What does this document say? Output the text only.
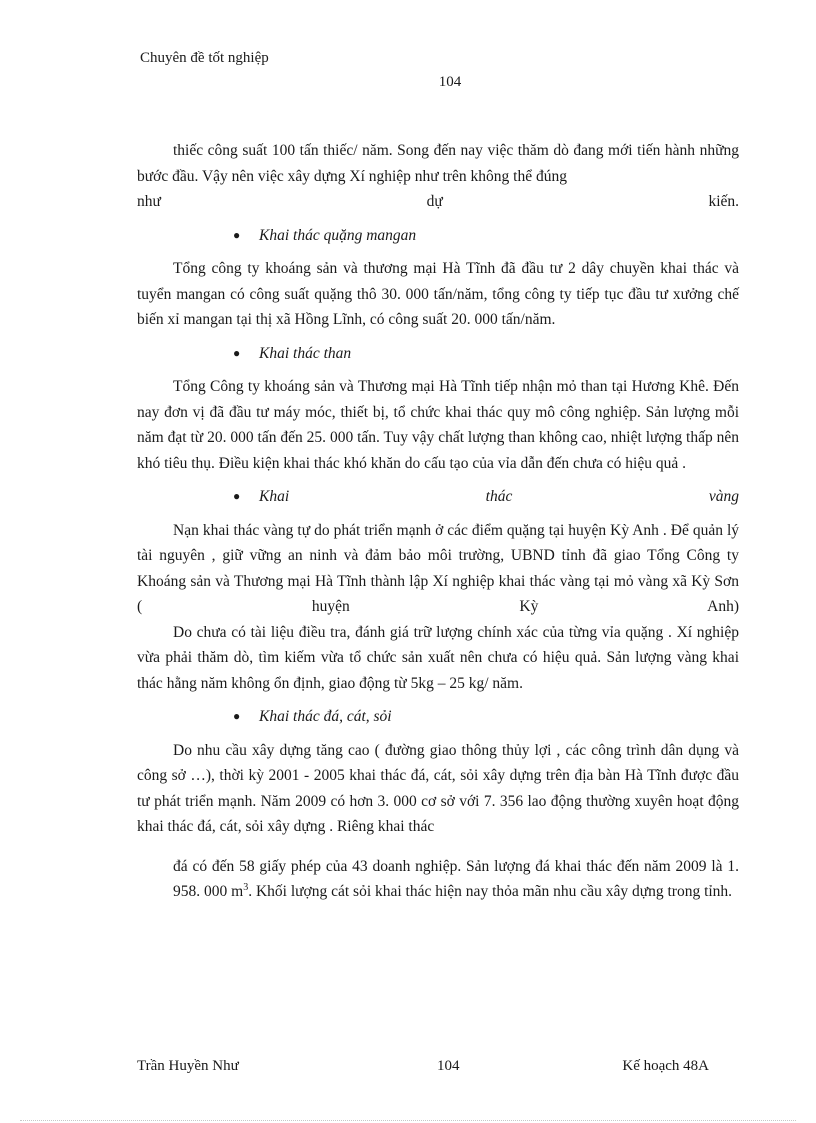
Chuyên đề tốt nghiệp
104

thiếc công suất 100 tấn thiếc/ năm. Song đến nay việc thăm dò đang mới tiến hành những bước đầu. Vậy nên việc xây dựng Xí nghiệp như trên không thể đúng

như	dự	kiến.
●	Khai thác quặng mangan

Tổng công ty khoáng sản và thương mại Hà Tĩnh đã đầu tư 2 dây chuyền khai thác và tuyển mangan có công suất quặng thô 30. 000 tấn/năm, tổng công ty tiếp tục đầu tư xưởng chế biến xỉ mangan tại thị xã Hồng Lĩnh, có công suất 20. 000 tấn/năm.

●	Khai thác than

Tổng Công ty khoáng sản và Thương mại Hà Tĩnh tiếp nhận mỏ than tại Hương Khê. Đến nay đơn vị đã đầu tư máy móc, thiết bị, tổ chức khai thác quy mô công nghiệp. Sản lượng mỗi năm đạt từ 20. 000 tấn đến 25. 000 tấn. Tuy vậy chất lượng than không cao, nhiệt lượng thấp nên khó tiêu thụ. Điều kiện khai thác khó khăn do cấu tạo của vỉa dẫn đến chưa có hiệu quả .

●	Khai	thác	vàng

Nạn khai thác vàng tự do phát triển mạnh ở các điểm quặng tại huyện Kỳ Anh . Để quản lý tài nguyên , giữ vững an ninh và đảm bảo môi trường, UBND tỉnh đã giao Tổng Công ty Khoáng sản và Thương mại Hà Tĩnh thành lập Xí nghiệp khai thác vàng tại mỏ vàng xã Kỳ Sơn ( huyện Kỳ Anh)

Do chưa có tài liệu điều tra, đánh giá trữ lượng chính xác của từng vỉa quặng . Xí nghiệp vừa phải thăm dò, tìm kiếm vừa tổ chức sản xuất nên chưa có hiệu quả. Sản lượng vàng khai thác hằng năm không ổn định, giao động từ 5kg – 25 kg/ năm.

●	Khai thác đá, cát, sỏi

Do nhu cầu xây dựng tăng cao ( đường giao thông thủy lợi , các công trình dân dụng và công sở …), thời kỳ 2001 - 2005 khai thác đá, cát, sỏi xây dựng trên địa bàn Hà Tĩnh được đầu tư phát triển mạnh. Năm 2009 có hơn 3. 000 cơ sở với 7. 356 lao động thường xuyên hoạt động khai thác đá, cát, sỏi xây dựng . Riêng khai thác

đá có đến 58 giấy phép của 43 doanh nghiệp. Sản lượng đá khai thác đến năm 2009 là 1. 958. 000 $m^3$. Khối lượng cát sỏi khai thác hiện nay thỏa mãn nhu cầu xây dựng trong tỉnh.

Trần Huyền Như	104	Kế hoạch 48A
